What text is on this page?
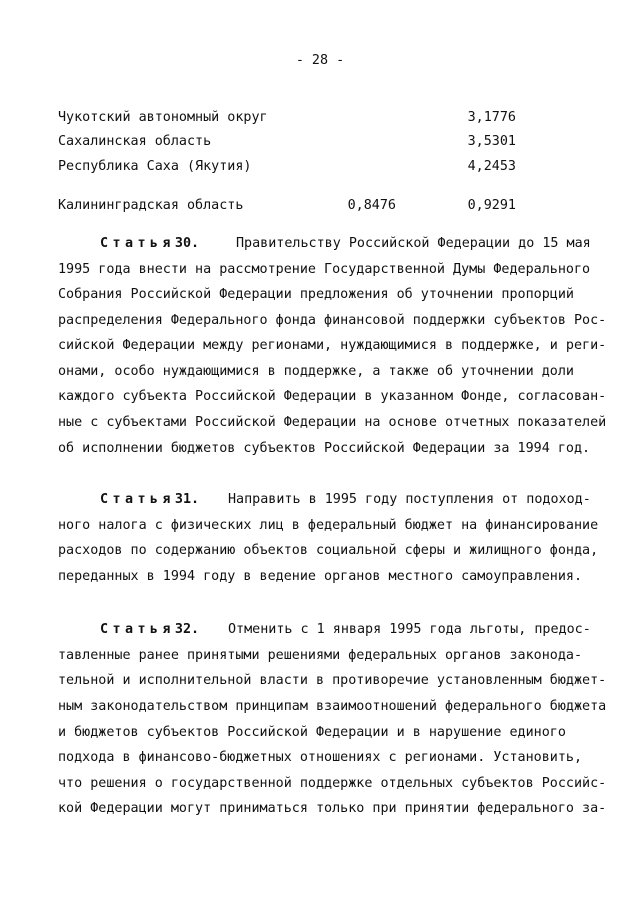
- 28 -
Чукотский автономный округ	3,1776
Сахалинская область	3,5301
Республика Саха (Якутия)	4,2453
Калининградская область	0,8476	0,9291
Статья30.	Правительству Российской Федерации до 15 мая
1995 года внести на рассмотрение Государственной Думы Федерального
Собрания Российской Федерации предложения об уточнении пропорций
распределения Федерального фонда финансовой поддержки субъектов Рос-
сийской Федерации между регионами, нуждающимися в поддержке, и реги-
онами, особо нуждающимися в поддержке, а также об уточнении доли
каждого субъекта Российской Федерации в указанном Фонде, согласован-
ные с субъектами Российской Федерации на основе отчетных показателей
об исполнении бюджетов субъектов Российской Федерации за 1994 год.
Статья31. Направить в 1995 году поступления от подоход-
ного налога с физических лиц в федеральный бюджет на финансирование
расходов по содержанию объектов социальной сферы и жилищного фонда,
переданных в 1994 году в ведение органов местного самоуправления.
Статья32. Отменить с 1 января 1995 года льготы, предос-
тавленные ранее принятыми решениями федеральных органов законода-
тельной и исполнительной власти в противоречие установленным бюджет-
ным законодательством принципам взаимоотношений федерального бюджета
и бюджетов субъектов Российской Федерации и в нарушение единого
подхода в финансово-бюджетных отношениях с регионами. Установить,
что решения о государственной поддержке отдельных субъектов Российс-
кой Федерации могут приниматься только при принятии федерального за-
